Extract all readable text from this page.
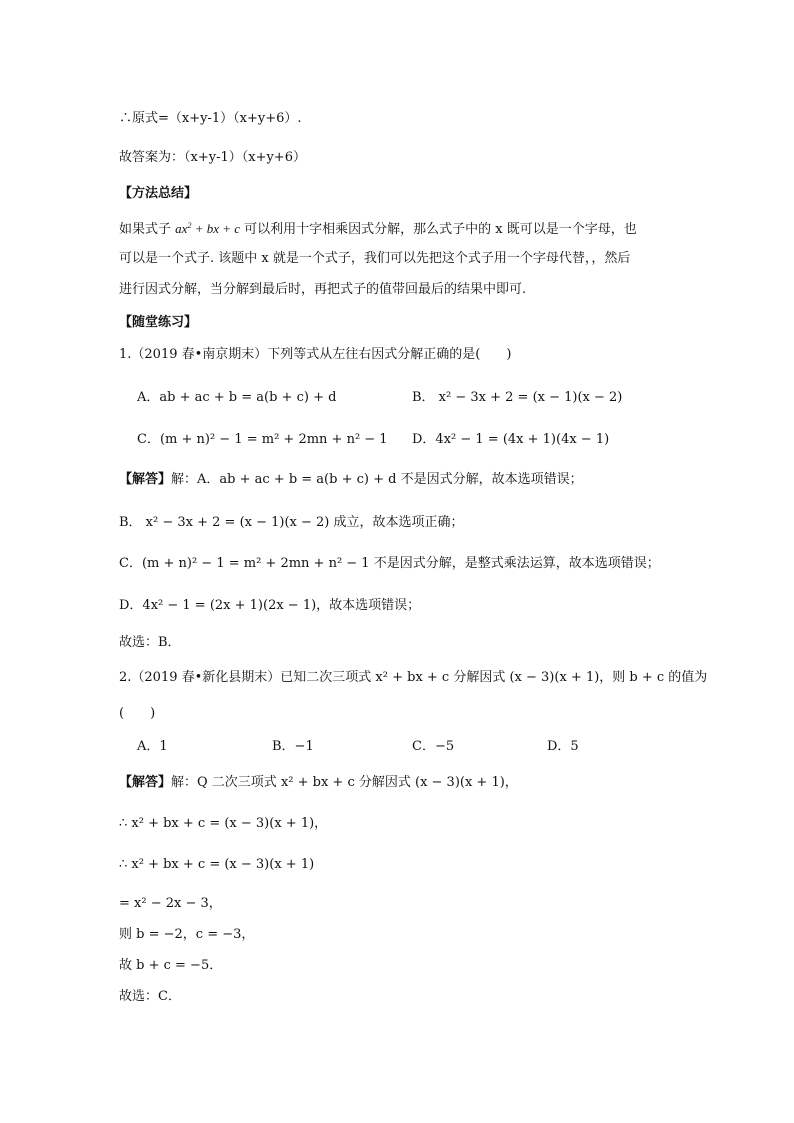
∴原式=（x+y-1）（x+y+6）.
故答案为：（x+y-1）（x+y+6）
【方法总结】
如果式子 $ax^2$ + bx + c 可以利用十字相乘因式分解，那么式子中的 x 既可以是一个字母，也
可以是一个式子. 该题中 x 就是一个式子，我们可以先把这个式子用一个字母代替，，然后
进行因式分解，当分解到最后时，再把式子的值带回最后的结果中即可.
【随堂练习】
1.（2019 春•南京期末）下列等式从左往右因式分解正确的是(　　)
A．ab + ac + b = a(b + c) + d	B． x² − 3x + 2 = (x − 1)(x − 2)
C．(m + n)² − 1 = m² + 2mn + n² − 1 D．4x² − 1 = (4x + 1)(4x − 1)
【解答】解：A．ab + ac + b = a(b + c) + d 不是因式分解，故本选项错误；
B． x² − 3x + 2 = (x − 1)(x − 2) 成立，故本选项正确；
C．(m + n)² − 1 = m² + 2mn + n² − 1 不是因式分解，是整式乘法运算，故本选项错误；
D．4x² − 1 = (2x + 1)(2x − 1)，故本选项错误；
故选：B．
2.（2019 春•新化县期末）已知二次三项式 x² + bx + c 分解因式 (x − 3)(x + 1)，则 b + c 的值为
(　　)
A．1	B．−1	C．−5	D．5
【解答】解：Q 二次三项式 x² + bx + c 分解因式 (x − 3)(x + 1)，
∴ x² + bx + c = (x − 3)(x + 1)，
∴ x² + bx + c = (x − 3)(x + 1)
= x² − 2x − 3，
则 b = −2，c = −3，
故 b + c = −5．
故选：C．
